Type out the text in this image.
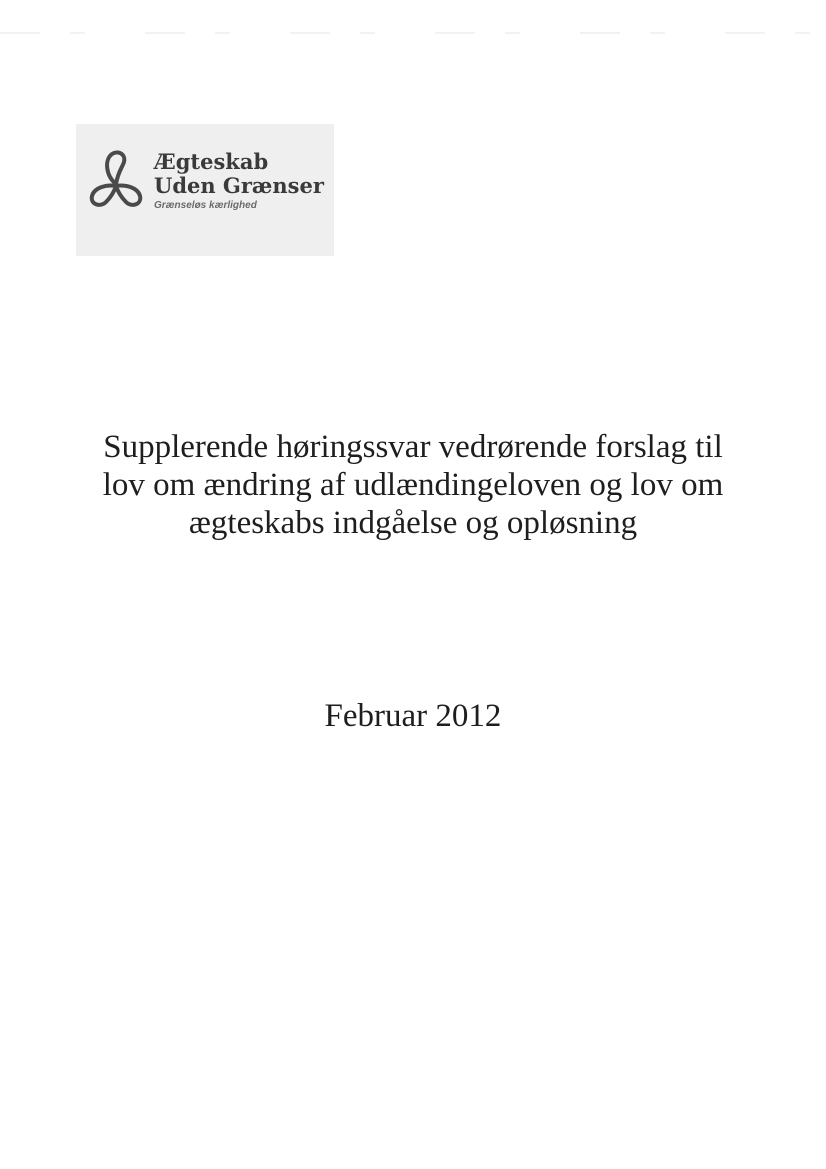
Ægteskab
Uden Grænser
Grænseløs kærlighed
Supplerende høringssvar vedrørende forslag til
lov om ændring af udlændingeloven og lov om
ægteskabs indgåelse og opløsning
Februar 2012
